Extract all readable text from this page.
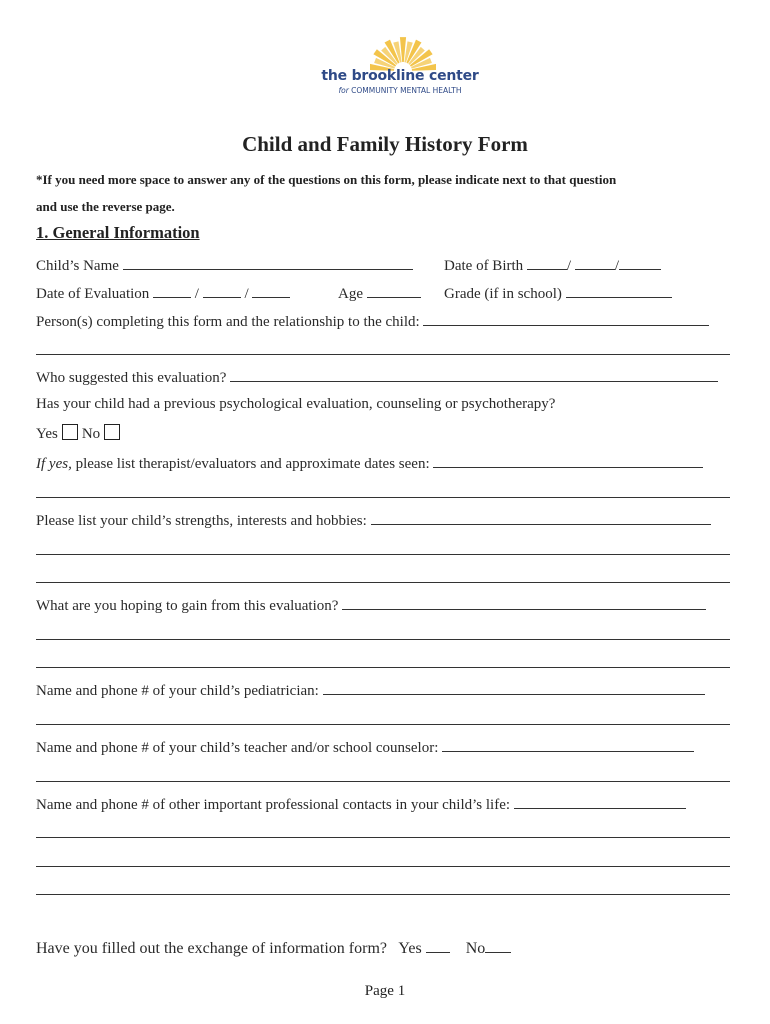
the brookline center
for COMMUNITY MENTAL HEALTH
Child and Family History Form
*If you need more space to answer any of the questions on this form, please indicate next to that question
and use the reverse page.
1. General Information
Child’s Name	Date of Birth	/	/
Date of Evaluation	/	/	Age	Grade (if in school)
Person(s) completing this form and the relationship to the child:
Who suggested this evaluation?
Has your child had a previous psychological evaluation, counseling or psychotherapy?
Yes No
If yes, please list therapist/evaluators and approximate dates seen:
Please list your child’s strengths, interests and hobbies:
What are you hoping to gain from this evaluation?
Name and phone # of your child’s pediatrician:
Name and phone # of your child’s teacher and/or school counselor:
Name and phone # of other important professional contacts in your child’s life:
Have you filled out the exchange of information form? Yes	No
Page 1
